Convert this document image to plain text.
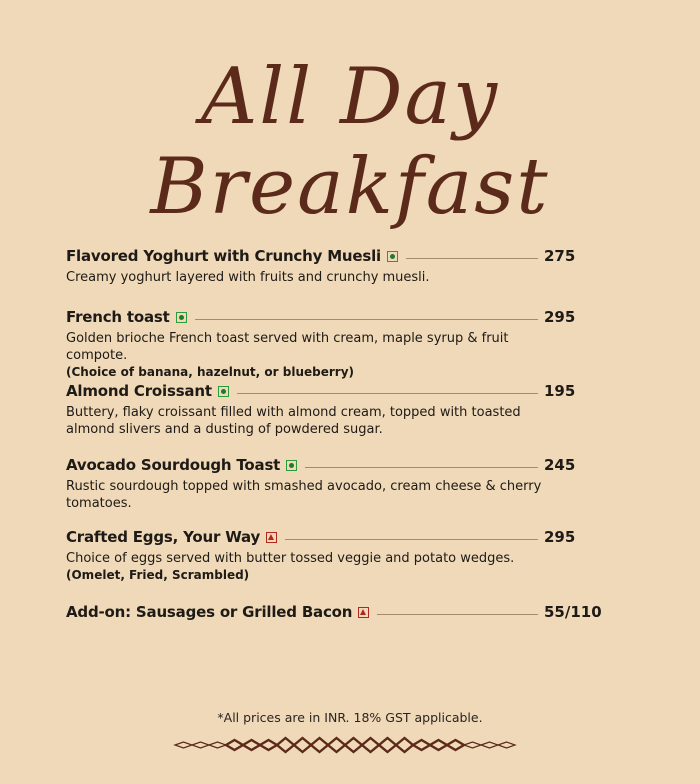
All Day Breakfast
Flavored Yoghurt with Crunchy Muesli	275
Creamy yoghurt layered with fruits and crunchy muesli.
French toast	295
Golden brioche French toast served with cream, maple syrup & fruit compote.
(Choice of banana, hazelnut, or blueberry)
Almond Croissant	195
Buttery, flaky croissant filled with almond cream, topped with toasted almond slivers and a dusting of powdered sugar.
Avocado Sourdough Toast	245
Rustic sourdough topped with smashed avocado, cream cheese & cherry tomatoes.
Crafted Eggs, Your Way	295
Choice of eggs served with butter tossed veggie and potato wedges.
(Omelet, Fried, Scrambled)
Add-on: Sausages or Grilled Bacon	55/110
*All prices are in INR. 18% GST applicable.
